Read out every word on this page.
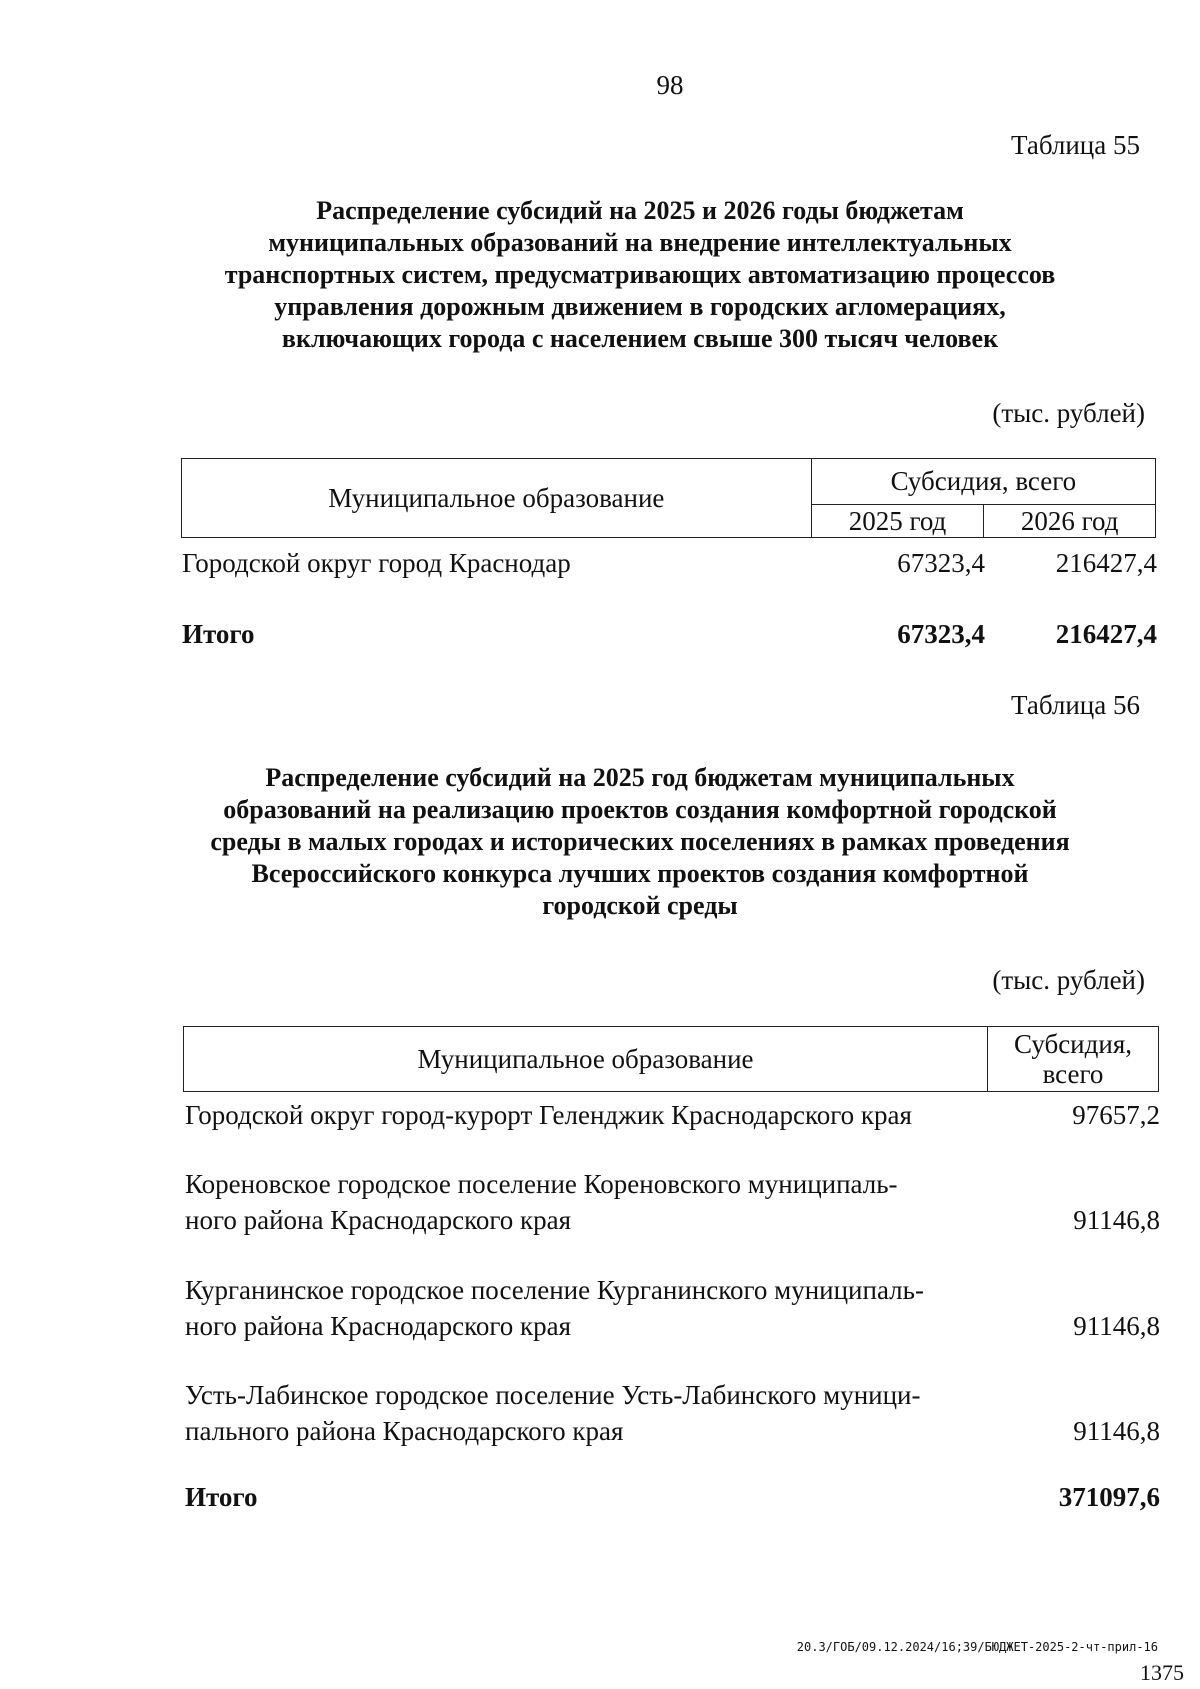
98
Таблица 55
Распределение субсидий на 2025 и 2026 годы бюджетам
муниципальных образований на внедрение интеллектуальных
транспортных систем, предусматривающих автоматизацию процессов
управления дорожным движением в городских агломерациях,
включающих города с населением свыше 300 тысяч человек
(тыс. рублей)
Муниципальное образование	Субсидия, всего	
	2025 год	2026 год
Городской округ город Краснодар	67323,4	216427,4
Итого	67323,4	216427,4
Таблица 56
Распределение субсидий на 2025 год бюджетам муниципальных
образований на реализацию проектов создания комфортной городской
среды в малых городах и исторических поселениях в рамках проведения
Всероссийского конкурса лучших проектов создания комфортной
городской среды
(тыс. рублей)
Муниципальное образование	Субсидия,
всего
Городской округ город-курорт Геленджик Краснодарского края	97657,2
Кореновское городское поселение Кореновского муниципаль-
ного района Краснодарского края	91146,8
Курганинское городское поселение Курганинского муниципаль-
ного района Краснодарского края	91146,8
Усть-Лабинское городское поселение Усть-Лабинского муници-
пального района Краснодарского края	91146,8
Итого	371097,6
20.3/ГОБ/09.12.2024/16;39/БЮДЖЕТ-2025-2-чт-прил-16
1375
